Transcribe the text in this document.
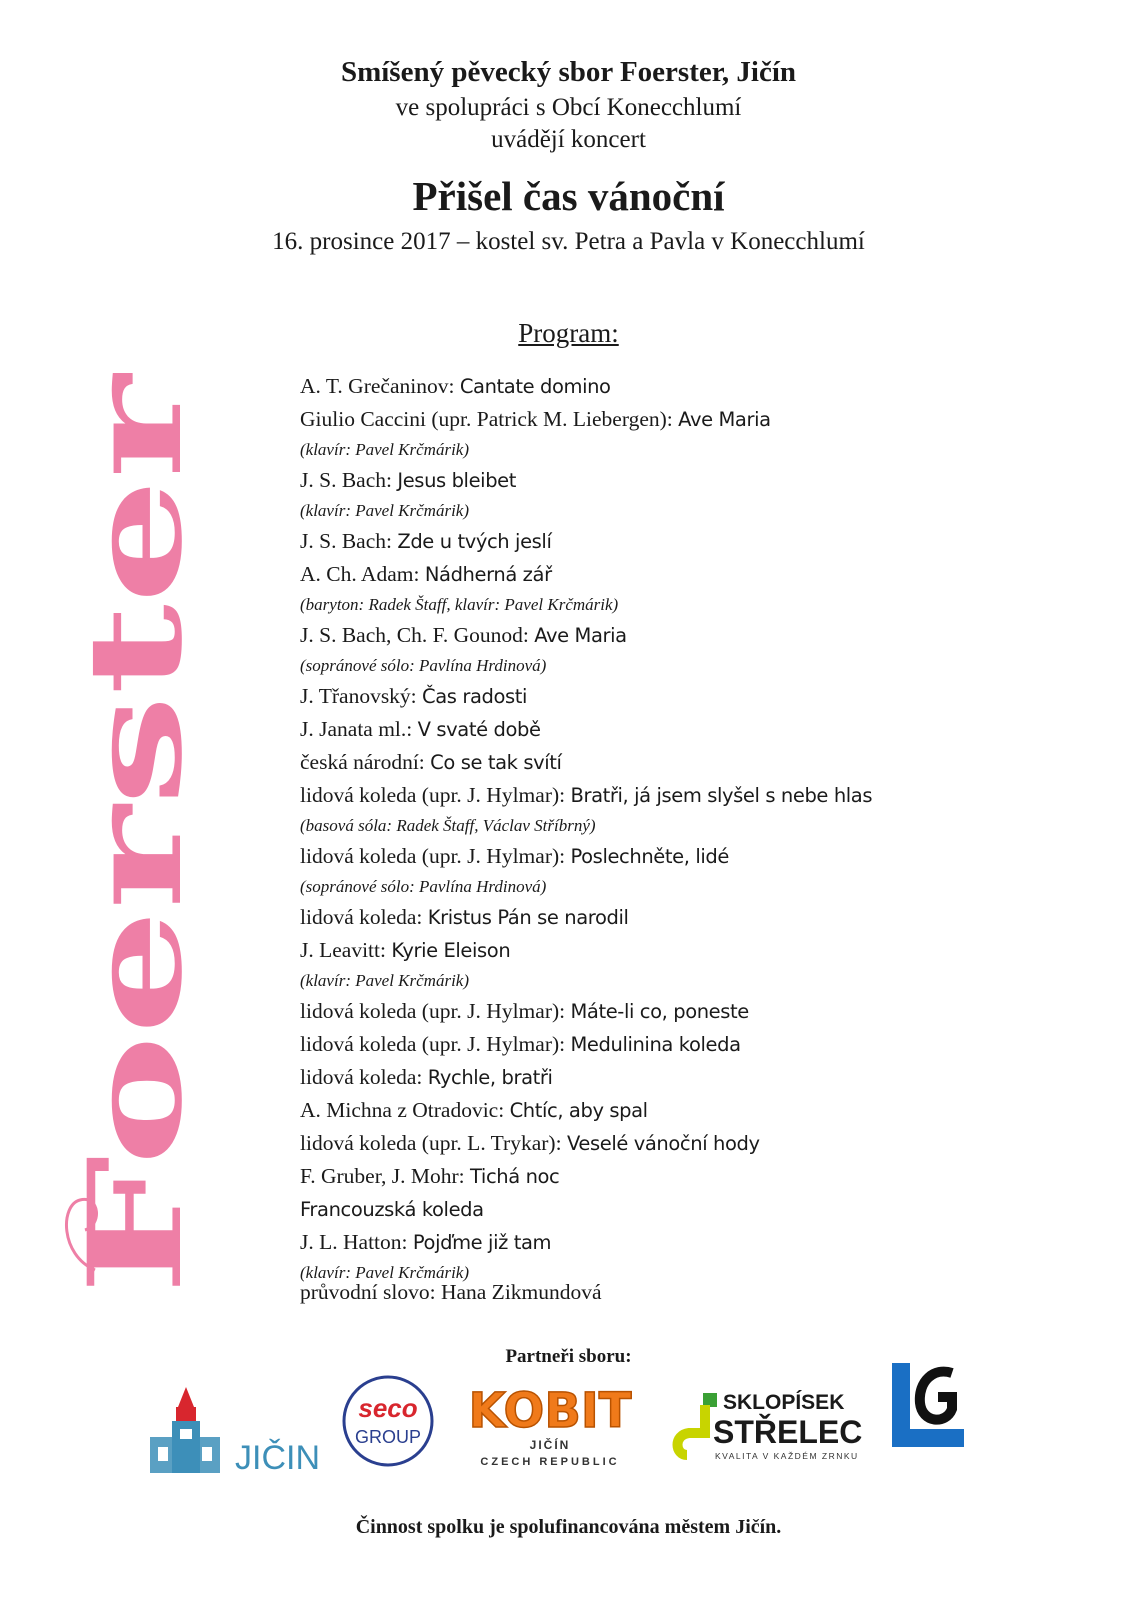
Smíšený pěvecký sbor Foerster, Jičín
ve spolupráci s Obcí Konecchlumí
uvádějí koncert
Přišel čas vánoční
16. prosince 2017 – kostel sv. Petra a Pavla v Konecchlumí
Foerster
Program:
A. T. Grečaninov: Cantate domino
Giulio Caccini (upr. Patrick M. Liebergen): Ave Maria
(klavír: Pavel Krčmárik)
J. S. Bach: Jesus bleibet
(klavír: Pavel Krčmárik)
J. S. Bach: Zde u tvých jeslí
A. Ch. Adam: Nádherná zář
(baryton: Radek Štaff, klavír: Pavel Krčmárik)
J. S. Bach, Ch. F. Gounod: Ave Maria
(sopránové sólo: Pavlína Hrdinová)
J. Třanovský: Čas radosti
J. Janata ml.: V svaté době
česká národní: Co se tak svítí
lidová koleda (upr. J. Hylmar): Bratři, já jsem slyšel s nebe hlas
(basová sóla: Radek Štaff, Václav Stříbrný)
lidová koleda (upr. J. Hylmar): Poslechněte, lidé
(sopránové sólo: Pavlína Hrdinová)
lidová koleda: Kristus Pán se narodil
J. Leavitt: Kyrie Eleison
(klavír: Pavel Krčmárik)
lidová koleda (upr. J. Hylmar): Máte-li co, poneste
lidová koleda (upr. J. Hylmar): Medulinina koleda
lidová koleda: Rychle, bratři
A. Michna z Otradovic: Chtíc, aby spal
lidová koleda (upr. L. Trykar): Veselé vánoční hody
F. Gruber, J. Mohr: Tichá noc
Francouzská koleda
J. L. Hatton: Pojďme již tam
(klavír: Pavel Krčmárik)
průvodní slovo: Hana Zikmundová
Partneři sboru:
JIČIN
seco
GROUP KOBIT
JIČÍN
CZECH REPUBLIC
SKLOPÍSEK
STŘELEC
KVALITA V KAŽDÉM ZRNKU
Činnost spolku je spolufinancována městem Jičín.
